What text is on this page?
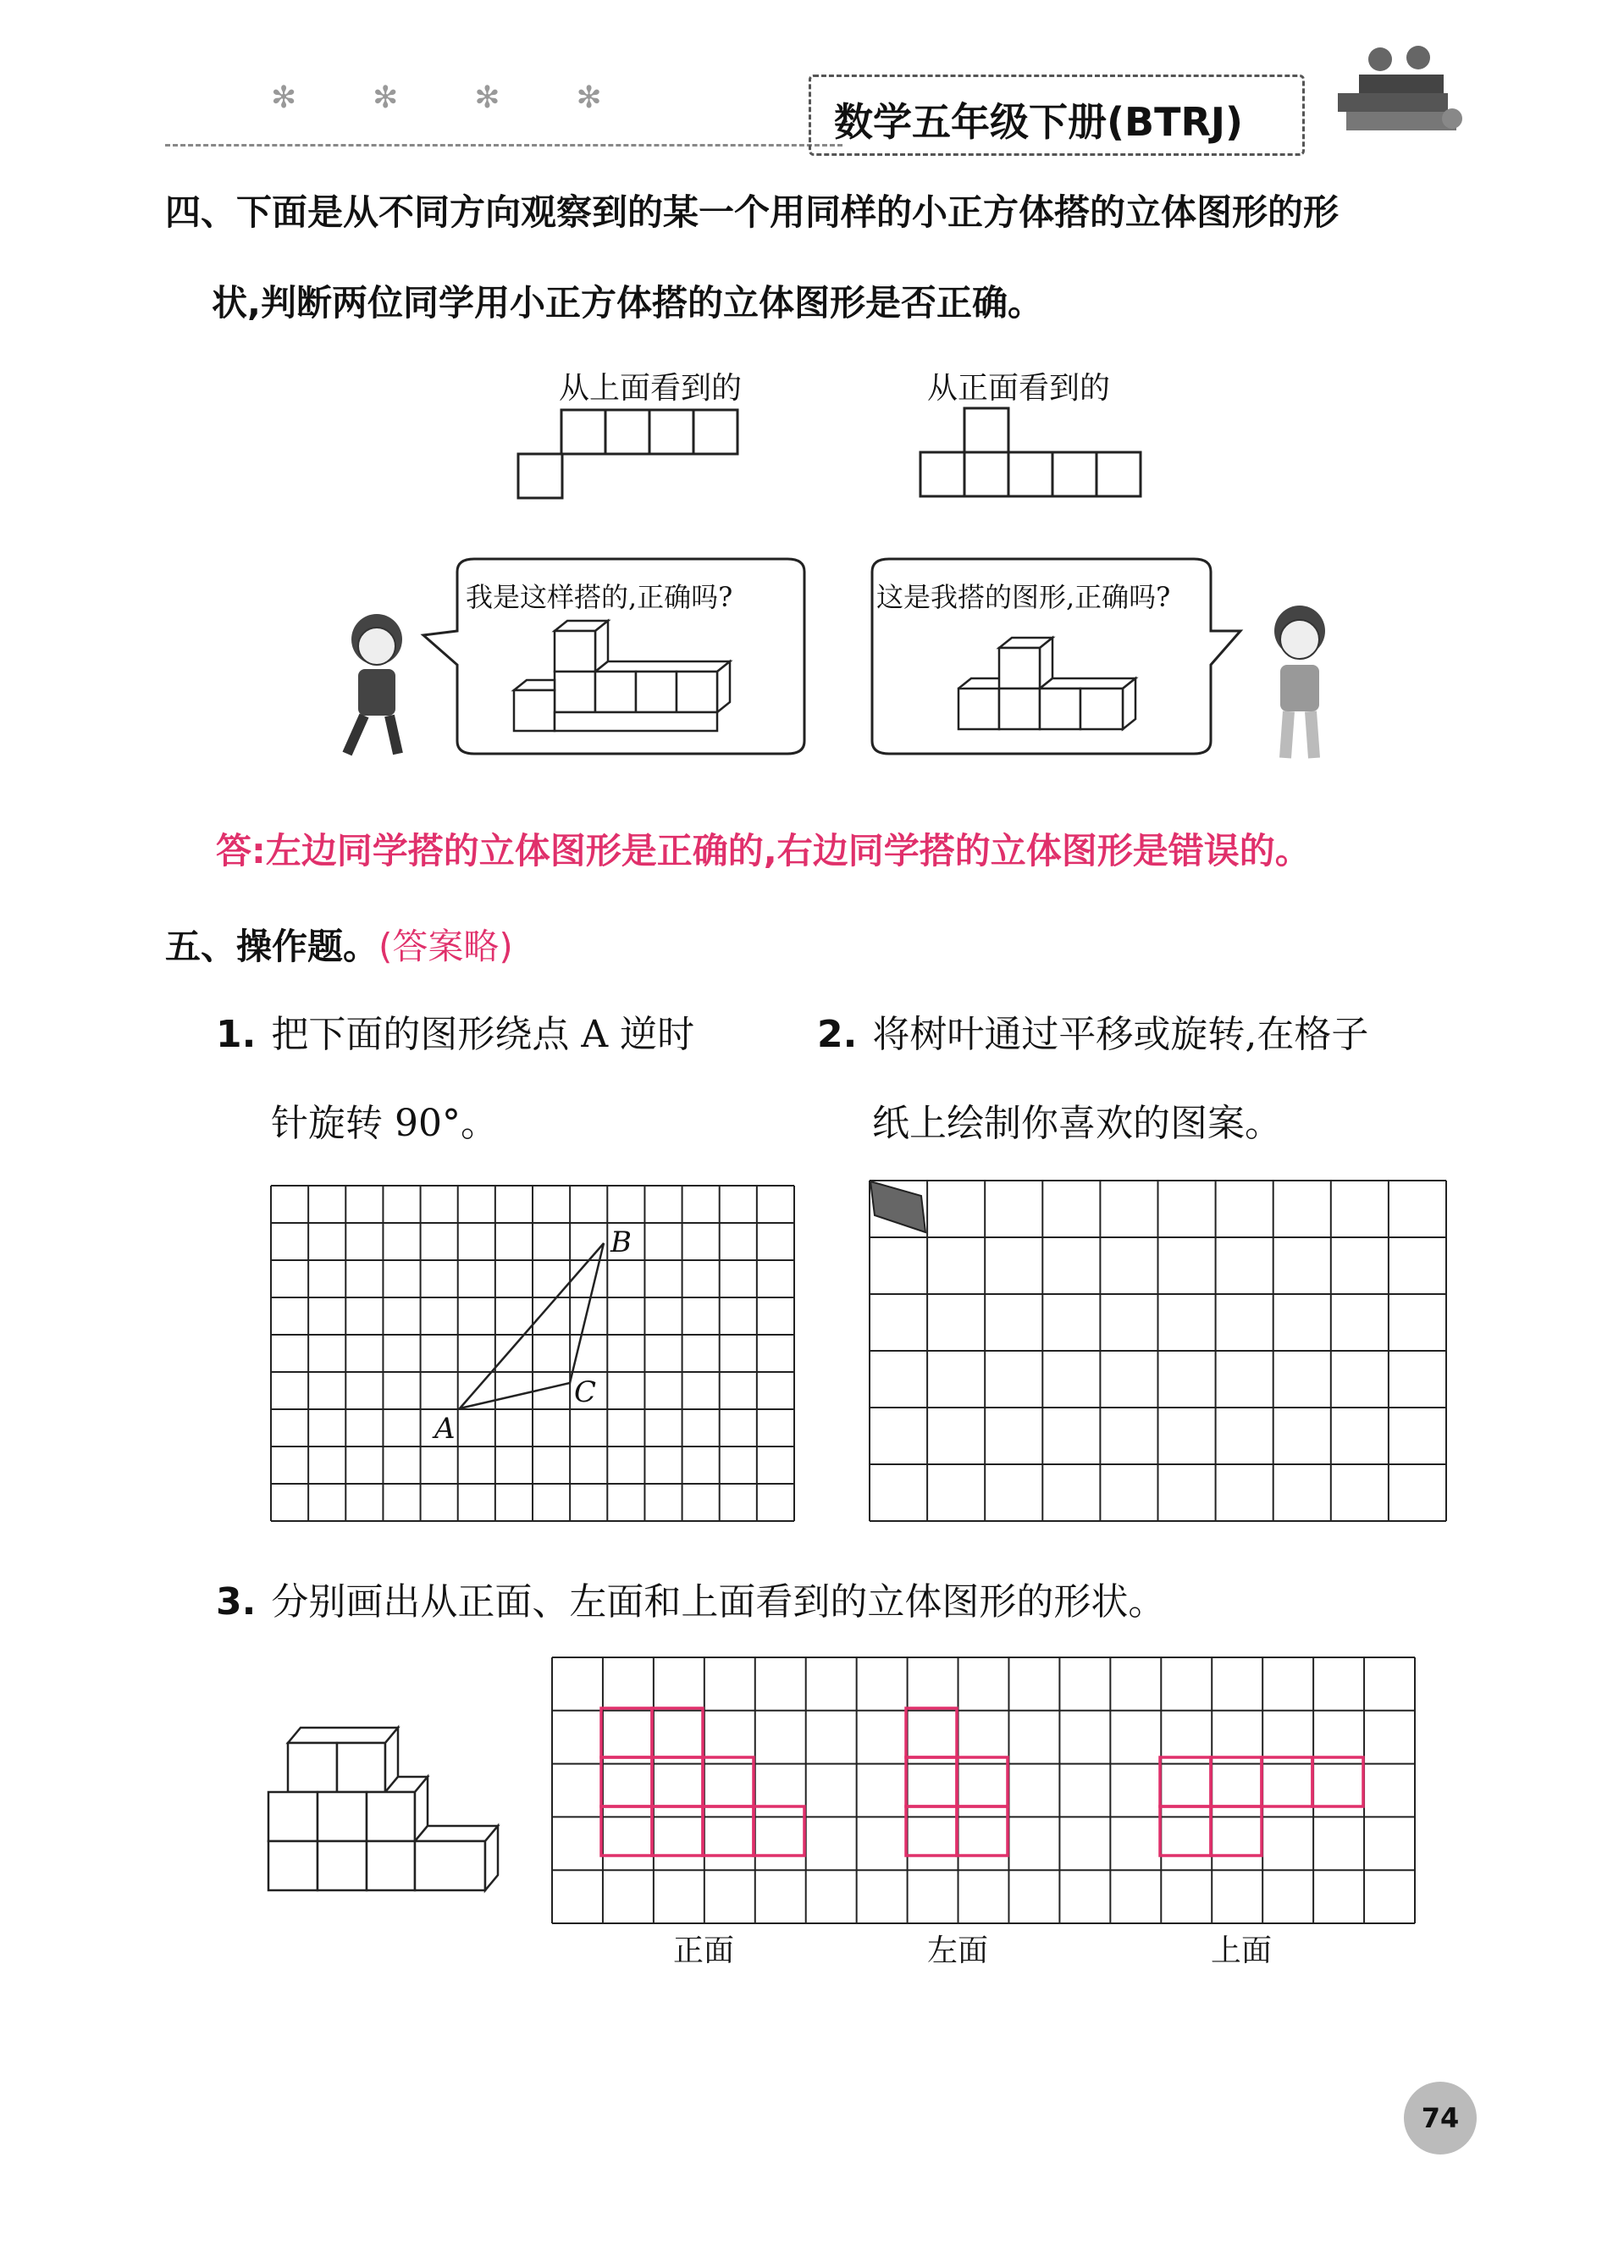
✻✻✻✻
数学五年级下册(BTRJ)
四、下面是从不同方向观察到的某一个用同样的小正方体搭的立体图形的形
状,判断两位同学用小正方体搭的立体图形是否正确。
从上面看到的	从正面看到的
我是这样搭的,正确吗?	这是我搭的图形,正确吗?
答:左边同学搭的立体图形是正确的,右边同学搭的立体图形是错误的。
五、操作题。(答案略)
1. 把下面的图形绕点 A 逆时
针旋转 90°。
2. 将树叶通过平移或旋转,在格子
纸上绘制你喜欢的图案。
A
B
C
3. 分别画出从正面、左面和上面看到的立体图形的形状。
正面	左面	上面
74
